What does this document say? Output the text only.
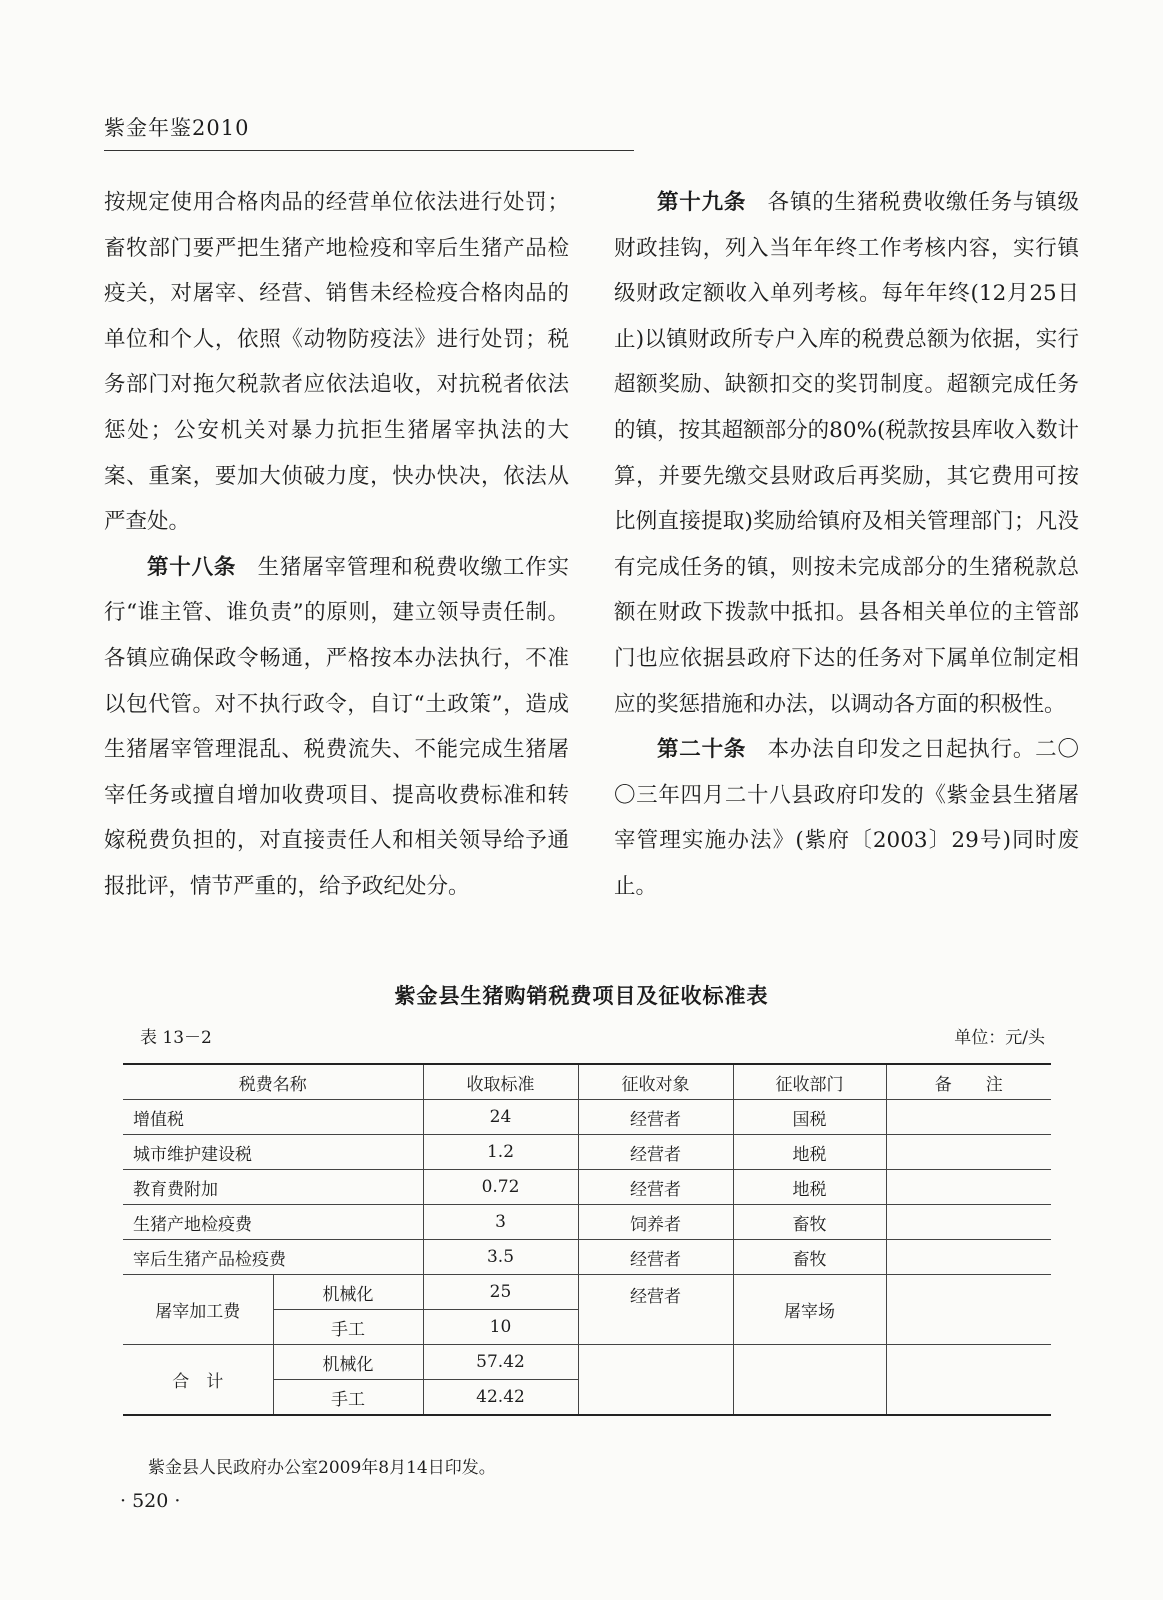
紫金年鉴2010

按规定使用合格肉品的经营单位依法进行处罚；畜牧部门要严把生猪产地检疫和宰后生猪产品检疫关，对屠宰、经营、销售未经检疫合格肉品的单位和个人，依照《动物防疫法》进行处罚；税务部门对拖欠税款者应依法追收，对抗税者依法惩处；公安机关对暴力抗拒生猪屠宰执法的大案、重案，要加大侦破力度，快办快决，依法从严查处。

第十八条 生猪屠宰管理和税费收缴工作实行“谁主管、谁负责”的原则，建立领导责任制。各镇应确保政令畅通，严格按本办法执行，不准以包代管。对不执行政令，自订“土政策”，造成生猪屠宰管理混乱、税费流失、不能完成生猪屠宰任务或擅自增加收费项目、提高收费标准和转嫁税费负担的，对直接责任人和相关领导给予通报批评，情节严重的，给予政纪处分。

第十九条 各镇的生猪税费收缴任务与镇级财政挂钩，列入当年年终工作考核内容，实行镇级财政定额收入单列考核。每年年终(12月25日止)以镇财政所专户入库的税费总额为依据，实行超额奖励、缺额扣交的奖罚制度。超额完成任务的镇，按其超额部分的80%(税款按县库收入数计算，并要先缴交县财政后再奖励，其它费用可按比例直接提取)奖励给镇府及相关管理部门；凡没有完成任务的镇，则按未完成部分的生猪税款总额在财政下拨款中抵扣。县各相关单位的主管部门也应依据县政府下达的任务对下属单位制定相应的奖惩措施和办法，以调动各方面的积极性。

第二十条 本办法自印发之日起执行。二〇〇三年四月二十八县政府印发的《紫金县生猪屠宰管理实施办法》(紫府〔2003〕29号)同时废止。

紫金县生猪购销税费项目及征收标准表
表 13－2	单位：元/头
税费名称		收取标准	征收对象	征收部门	备　　注
增值税		24	经营者	国税	
城市维护建设税		1.2	经营者	地税	
教育费附加		0.72	经营者	地税	
生猪产地检疫费		3	饲养者	畜牧	
宰后生猪产品检疫费		3.5	经营者	畜牧	
屠宰加工费	机械化	25	经营者	屠宰场	
	手工	10			
合　计	机械化	57.42			
	手工	42.42			
紫金县人民政府办公室2009年8月14日印发。
· 520 ·
